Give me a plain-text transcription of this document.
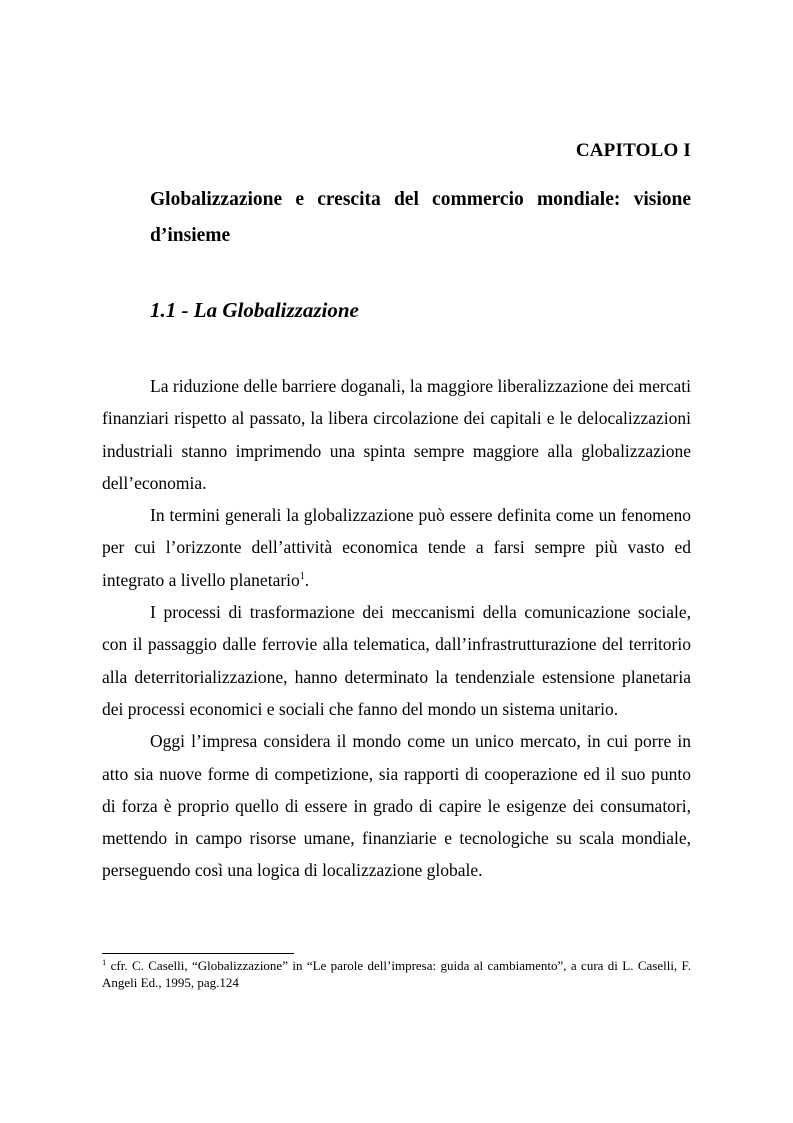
CAPITOLO I
Globalizzazione e crescita del commercio mondiale: visione d’insieme
1.1 - La Globalizzazione

La riduzione delle barriere doganali, la maggiore liberalizzazione dei mercati finanziari rispetto al passato, la libera circolazione dei capitali e le delocalizzazioni industriali stanno imprimendo una spinta sempre maggiore alla globalizzazione dell’economia.

In termini generali la globalizzazione può essere definita come un fenomeno per cui l’orizzonte dell’attività economica tende a farsi sempre più vasto ed integrato a livello planetario$^1$.

I processi di trasformazione dei meccanismi della comunicazione sociale, con il passaggio dalle ferrovie alla telematica, dall’infrastrutturazione del territorio alla deterritorializzazione, hanno determinato la tendenziale estensione planetaria dei processi economici e sociali che fanno del mondo un sistema unitario.

Oggi l’impresa considera il mondo come un unico mercato, in cui porre in atto sia nuove forme di competizione, sia rapporti di cooperazione ed il suo punto di forza è proprio quello di essere in grado di capire le esigenze dei consumatori, mettendo in campo risorse umane, finanziarie e tecnologiche su scala mondiale, perseguendo così una logica di localizzazione globale.

$^1$ cfr. C. Caselli, “Globalizzazione” in “Le parole dell’impresa: guida al cambiamento”, a cura di L. Caselli, F. Angeli Ed., 1995, pag.124
